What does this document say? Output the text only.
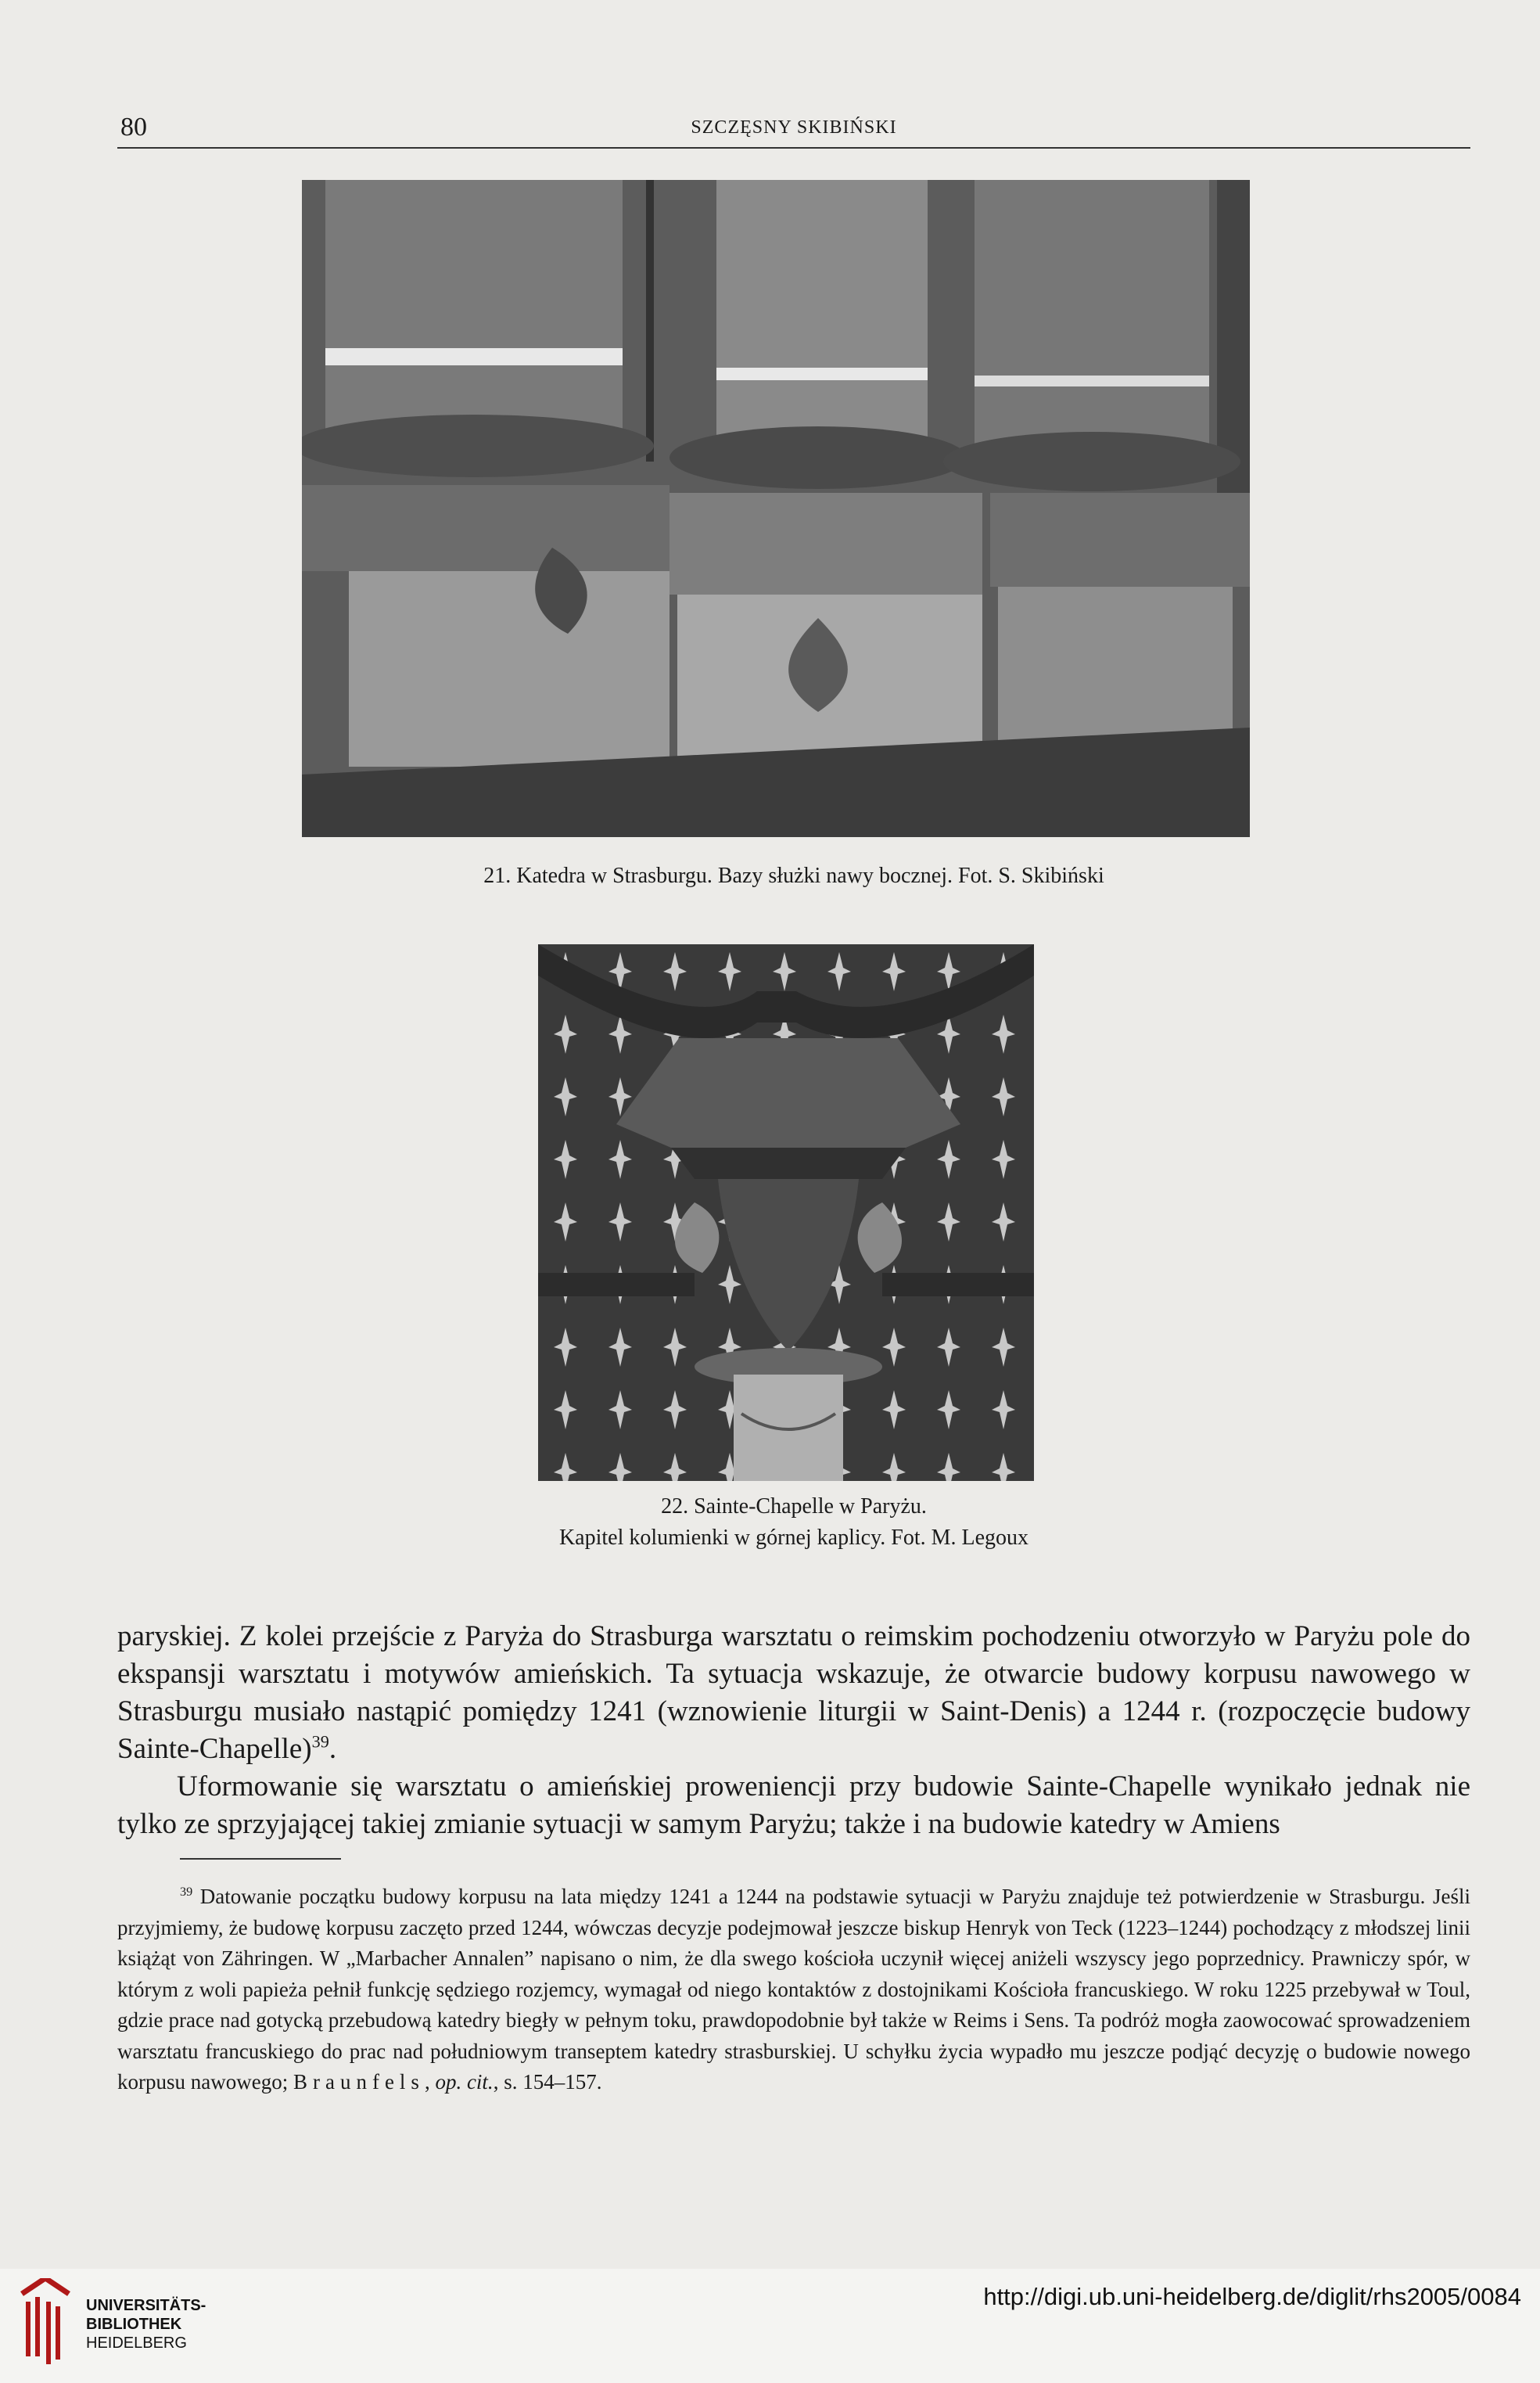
80	SZCZĘSNY SKIBIŃSKI
21. Katedra w Strasburgu. Bazy służki nawy bocznej. Fot. S. Skibiński
22. Sainte-Chapelle w Paryżu.
Kapitel kolumienki w górnej kaplicy. Fot. M. Legoux

paryskiej. Z kolei przejście z Paryża do Strasburga warsztatu o reimskim pochodzeniu otworzyło w Paryżu pole do ekspansji warsztatu i motywów amieńskich. Ta sytuacja wskazuje, że otwarcie budowy korpusu nawowego w Strasburgu musiało nastąpić pomiędzy 1241 (wznowienie liturgii w Saint-Denis) a 1244 r. (rozpoczęcie budowy Sainte-Chapelle)$^{39}$.

Uformowanie się warsztatu o amieńskiej proweniencji przy budowie Sainte-Chapelle wynikało jednak nie tylko ze sprzyjającej takiej zmianie sytuacji w samym Paryżu; także i na budowie katedry w Amiens

$^{39}$ Datowanie początku budowy korpusu na lata między 1241 a 1244 na podstawie sytuacji w Paryżu znajduje też potwierdzenie w Strasburgu. Jeśli przyjmiemy, że budowę korpusu zaczęto przed 1244, wówczas decyzje podejmował jeszcze biskup Henryk von Teck (1223–1244) pochodzący z młodszej linii książąt von Zähringen. W „Marbacher Annalen” napisano o nim, że dla swego kościoła uczynił więcej aniżeli wszyscy jego poprzednicy. Prawniczy spór, w którym z woli papieża pełnił funkcję sędziego rozjemcy, wymagał od niego kontaktów z dostojnikami Kościoła francuskiego. W roku 1225 przebywał w Toul, gdzie prace nad gotycką przebudową katedry biegły w pełnym toku, prawdopodobnie był także w Reims i Sens. Ta podróż mogła zaowocować sprowadzeniem warsztatu francuskiego do prac nad południowym transeptem katedry strasburskiej. U schyłku życia wypadło mu jeszcze podjąć decyzję o budowie nowego korpusu nawowego; Braunfels, op. cit., s. 154–157.
UNIVERSITÄTS-
BIBLIOTHEK
HEIDELBERG
http://digi.ub.uni-heidelberg.de/diglit/rhs2005/0084
